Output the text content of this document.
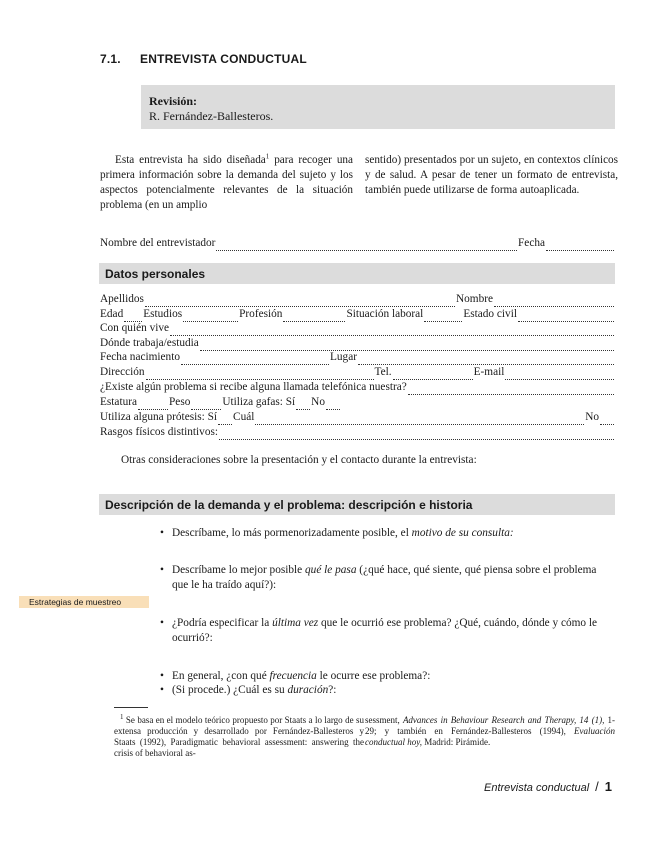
7.1. ENTREVISTA CONDUCTUAL
Revisión:
R. Fernández-Ballesteros.
Esta entrevista ha sido diseñada$^1$ para recoger una primera información sobre la demanda del sujeto y los aspectos potencialmente relevantes de la situación problema (en un amplio
sentido) presentados por un sujeto, en contextos clínicos y de salud. A pesar de tener un formato de entrevista, también puede utilizarse de forma autoaplicada.
Nombre del entrevistador	Fecha
Datos personales
Apellidos	Nombre
Edad Estudios	Profesión	Situación laboral	Estado civil
Con quién vive
Dónde trabaja/estudia
Fecha nacimiento	Lugar
Dirección	Tel.	E-mail
¿Existe algún problema si recibe alguna llamada telefónica nuestra?
Estatura	Peso	Utiliza gafas: Sí No
Utiliza alguna prótesis: Sí Cuál	No
Rasgos físicos distintivos:
Otras consideraciones sobre la presentación y el contacto durante la entrevista:
Descripción de la demanda y el problema: descripción e historia
• Descríbame, lo más pormenorizadamente posible, el motivo de su consulta:
• Descríbame lo mejor posible qué le pasa (¿qué hace, qué siente, qué piensa sobre el problema que le ha traído aquí?):
• ¿Podría especificar la última vez que le ocurrió ese problema? ¿Qué, cuándo, dónde y cómo le ocurrió?:
• En general, ¿con qué frecuencia le ocurre ese problema?:
• (Si procede.) ¿Cuál es su duración?:
Estrategias de muestreo
$^1$ Se basa en el modelo teórico propuesto por Staats a lo largo de su extensa producción y desarrollado por Fernández-Ballesteros y Staats (1992), Paradigmatic behavioral assessment: answering the crisis of behavioral as-
sessment, Advances in Behaviour Research and Therapy, 14 (1), 1-29; y también en Fernández-Ballesteros (1994), Evaluación conductual hoy, Madrid: Pirámide.
Entrevista conductual / 1
